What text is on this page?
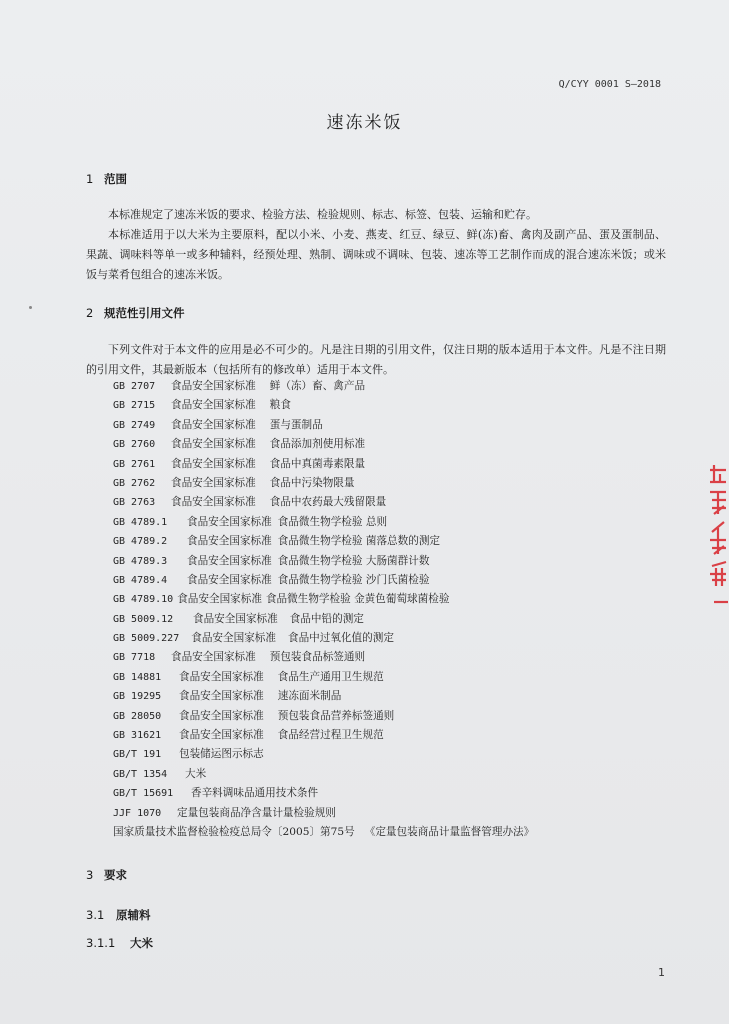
Q/CYY 0001 S—2018
速冻米饭
1 范围
本标准规定了速冻米饭的要求、检验方法、检验规则、标志、标签、包装、运输和贮存。
本标准适用于以大米为主要原料，配以小米、小麦、燕麦、红豆、绿豆、鲜(冻)畜、禽肉及副产品、蛋及蛋制品、果蔬、调味料等单一或多种辅料，经预处理、熟制、调味或不调味、包装、速冻等工艺制作而成的混合速冻米饭；或米饭与菜肴包组合的速冻米饭。
2 规范性引用文件
下列文件对于本文件的应用是必不可少的。凡是注日期的引用文件，仅注日期的版本适用于本文件。凡是不注日期的引用文件，其最新版本（包括所有的修改单）适用于本文件。
GB 2707 食品安全国家标准 鲜（冻）畜、禽产品
GB 2715 食品安全国家标准 粮食
GB 2749 食品安全国家标准 蛋与蛋制品
GB 2760 食品安全国家标准 食品添加剂使用标准
GB 2761 食品安全国家标准 食品中真菌毒素限量
GB 2762 食品安全国家标准 食品中污染物限量
GB 2763 食品安全国家标准 食品中农药最大残留限量
GB 4789.1 食品安全国家标准 食品微生物学检验 总则
GB 4789.2 食品安全国家标准 食品微生物学检验 菌落总数的测定
GB 4789.3 食品安全国家标准 食品微生物学检验 大肠菌群计数
GB 4789.4 食品安全国家标准 食品微生物学检验 沙门氏菌检验
GB 4789.10 食品安全国家标准 食品微生物学检验 金黄色葡萄球菌检验
GB 5009.12 食品安全国家标准 食品中铅的测定
GB 5009.227 食品安全国家标准 食品中过氧化值的测定
GB 7718 食品安全国家标准 预包装食品标签通则
GB 14881 食品安全国家标准 食品生产通用卫生规范
GB 19295 食品安全国家标准 速冻面米制品
GB 28050 食品安全国家标准 预包装食品营养标签通则
GB 31621 食品安全国家标准 食品经营过程卫生规范
GB/T 191 包装储运图示标志
GB/T 1354 大米
GB/T 15691 香辛料调味品通用技术条件
JJF 1070 定量包装商品净含量计量检验规则
国家质量技术监督检验检疫总局令〔2005〕第75号 《定量包装商品计量监督管理办法》
3 要求
3.1 原辅料
3.1.1 大米
1
